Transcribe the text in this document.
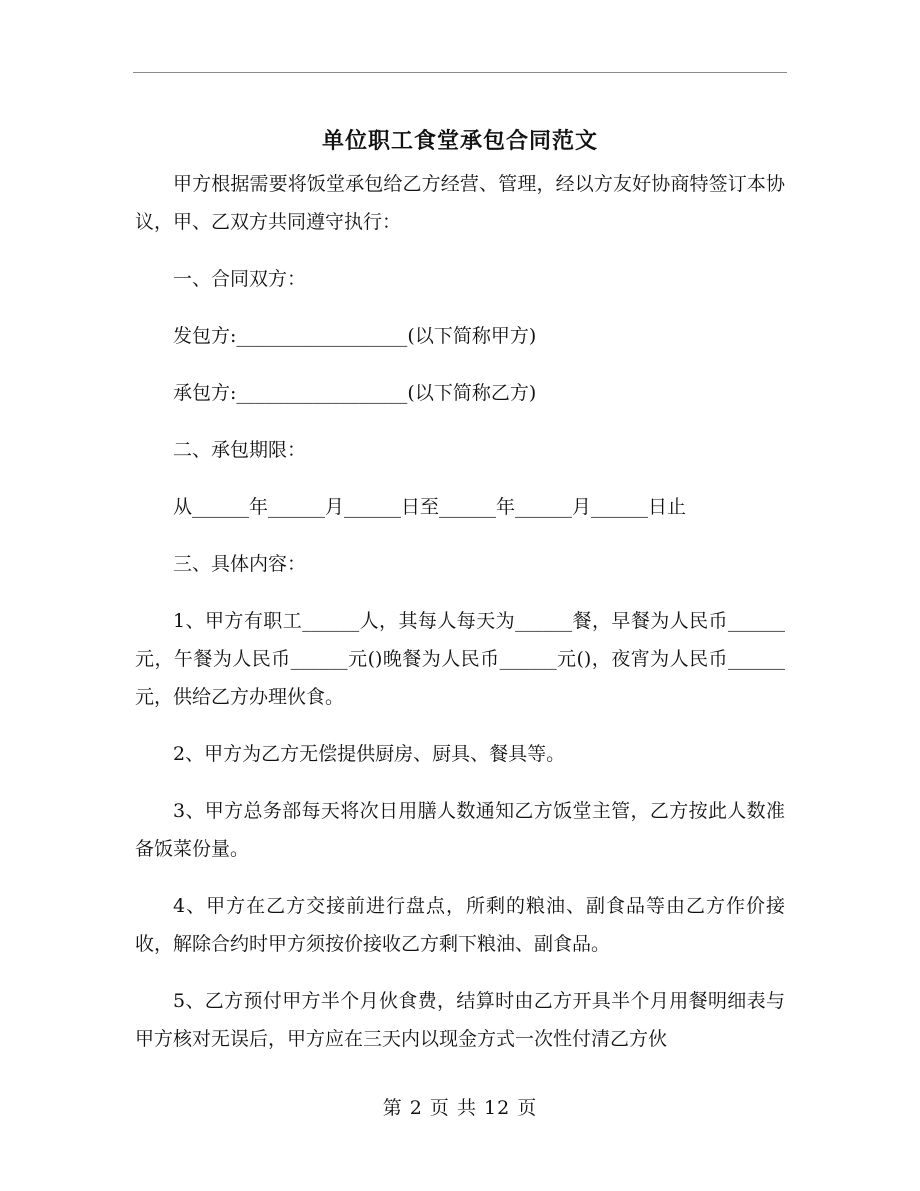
单位职工食堂承包合同范文

甲方根据需要将饭堂承包给乙方经营、管理，经以方友好协商特签订本协议，甲、乙双方共同遵守执行：

一、合同双方：

发包方:__________________(以下简称甲方)

承包方:__________________(以下简称乙方)

二、承包期限：

从______年______月______日至______年______月______日止

三、具体内容：

1、甲方有职工______人，其每人每天为______餐，早餐为人民币______元，午餐为人民币______元()晚餐为人民币______元()，夜宵为人民币______元，供给乙方办理伙食。

2、甲方为乙方无偿提供厨房、厨具、餐具等。

3、甲方总务部每天将次日用膳人数通知乙方饭堂主管，乙方按此人数准备饭菜份量。

4、甲方在乙方交接前进行盘点，所剩的粮油、副食品等由乙方作价接收，解除合约时甲方须按价接收乙方剩下粮油、副食品。

5、乙方预付甲方半个月伙食费，结算时由乙方开具半个月用餐明细表与甲方核对无误后，甲方应在三天内以现金方式一次性付清乙方伙

第 2 页 共 12 页
